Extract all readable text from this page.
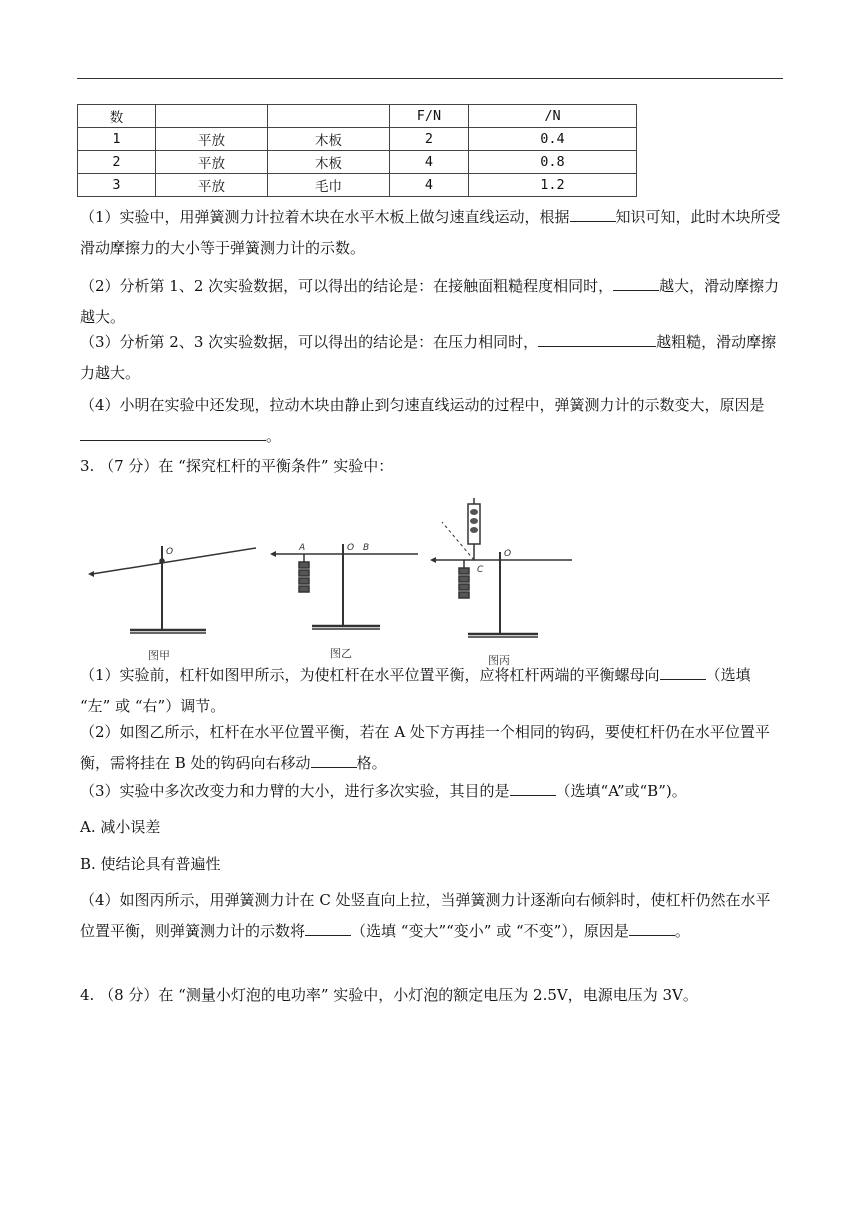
数			F/N	/N
1	平放	木板	2	0.4
2	平放	木板	4	0.8
3	平放	毛巾	4	1.2
（1）实验中，用弹簧测力计拉着木块在水平木板上做匀速直线运动，根据	知识可知，此时木块所受滑动摩擦力的大小等于弹簧测力计的示数。
（2）分析第 1、2 次实验数据，可以得出的结论是：在接触面粗糙程度相同时，	越大，滑动摩擦力越大。
（3）分析第 2、3 次实验数据，可以得出的结论是：在压力相同时，	越粗糙，滑动摩擦力越大。
（4）小明在实验中还发现，拉动木块由静止到匀速直线运动的过程中，弹簧测力计的示数变大，原因是。
3. （7 分）在 “探究杠杆的平衡条件” 实验中：
O
图甲
A	O B
图乙
C
O
图丙
（1）实验前，杠杆如图甲所示，为使杠杆在水平位置平衡，应将杠杆两端的平衡螺母向	（选填 “左” 或 “右”）调节。
（2）如图乙所示，杠杆在水平位置平衡，若在 A 处下方再挂一个相同的钩码，要使杠杆仍在水平位置平衡，需将挂在 B 处的钩码向右移动	格。
（3）实验中多次改变力和力臂的大小，进行多次实验，其目的是	（选填“A”或“B”)。
A. 减小误差
B. 使结论具有普遍性
（4）如图丙所示，用弹簧测力计在 C 处竖直向上拉，当弹簧测力计逐渐向右倾斜时，使杠杆仍然在水平位置平衡，则弹簧测力计的示数将	（选填 “变大”“变小” 或 “不变”），原因是	。
4. （8 分）在 “测量小灯泡的电功率” 实验中，小灯泡的额定电压为 2.5V，电源电压为 3V。
